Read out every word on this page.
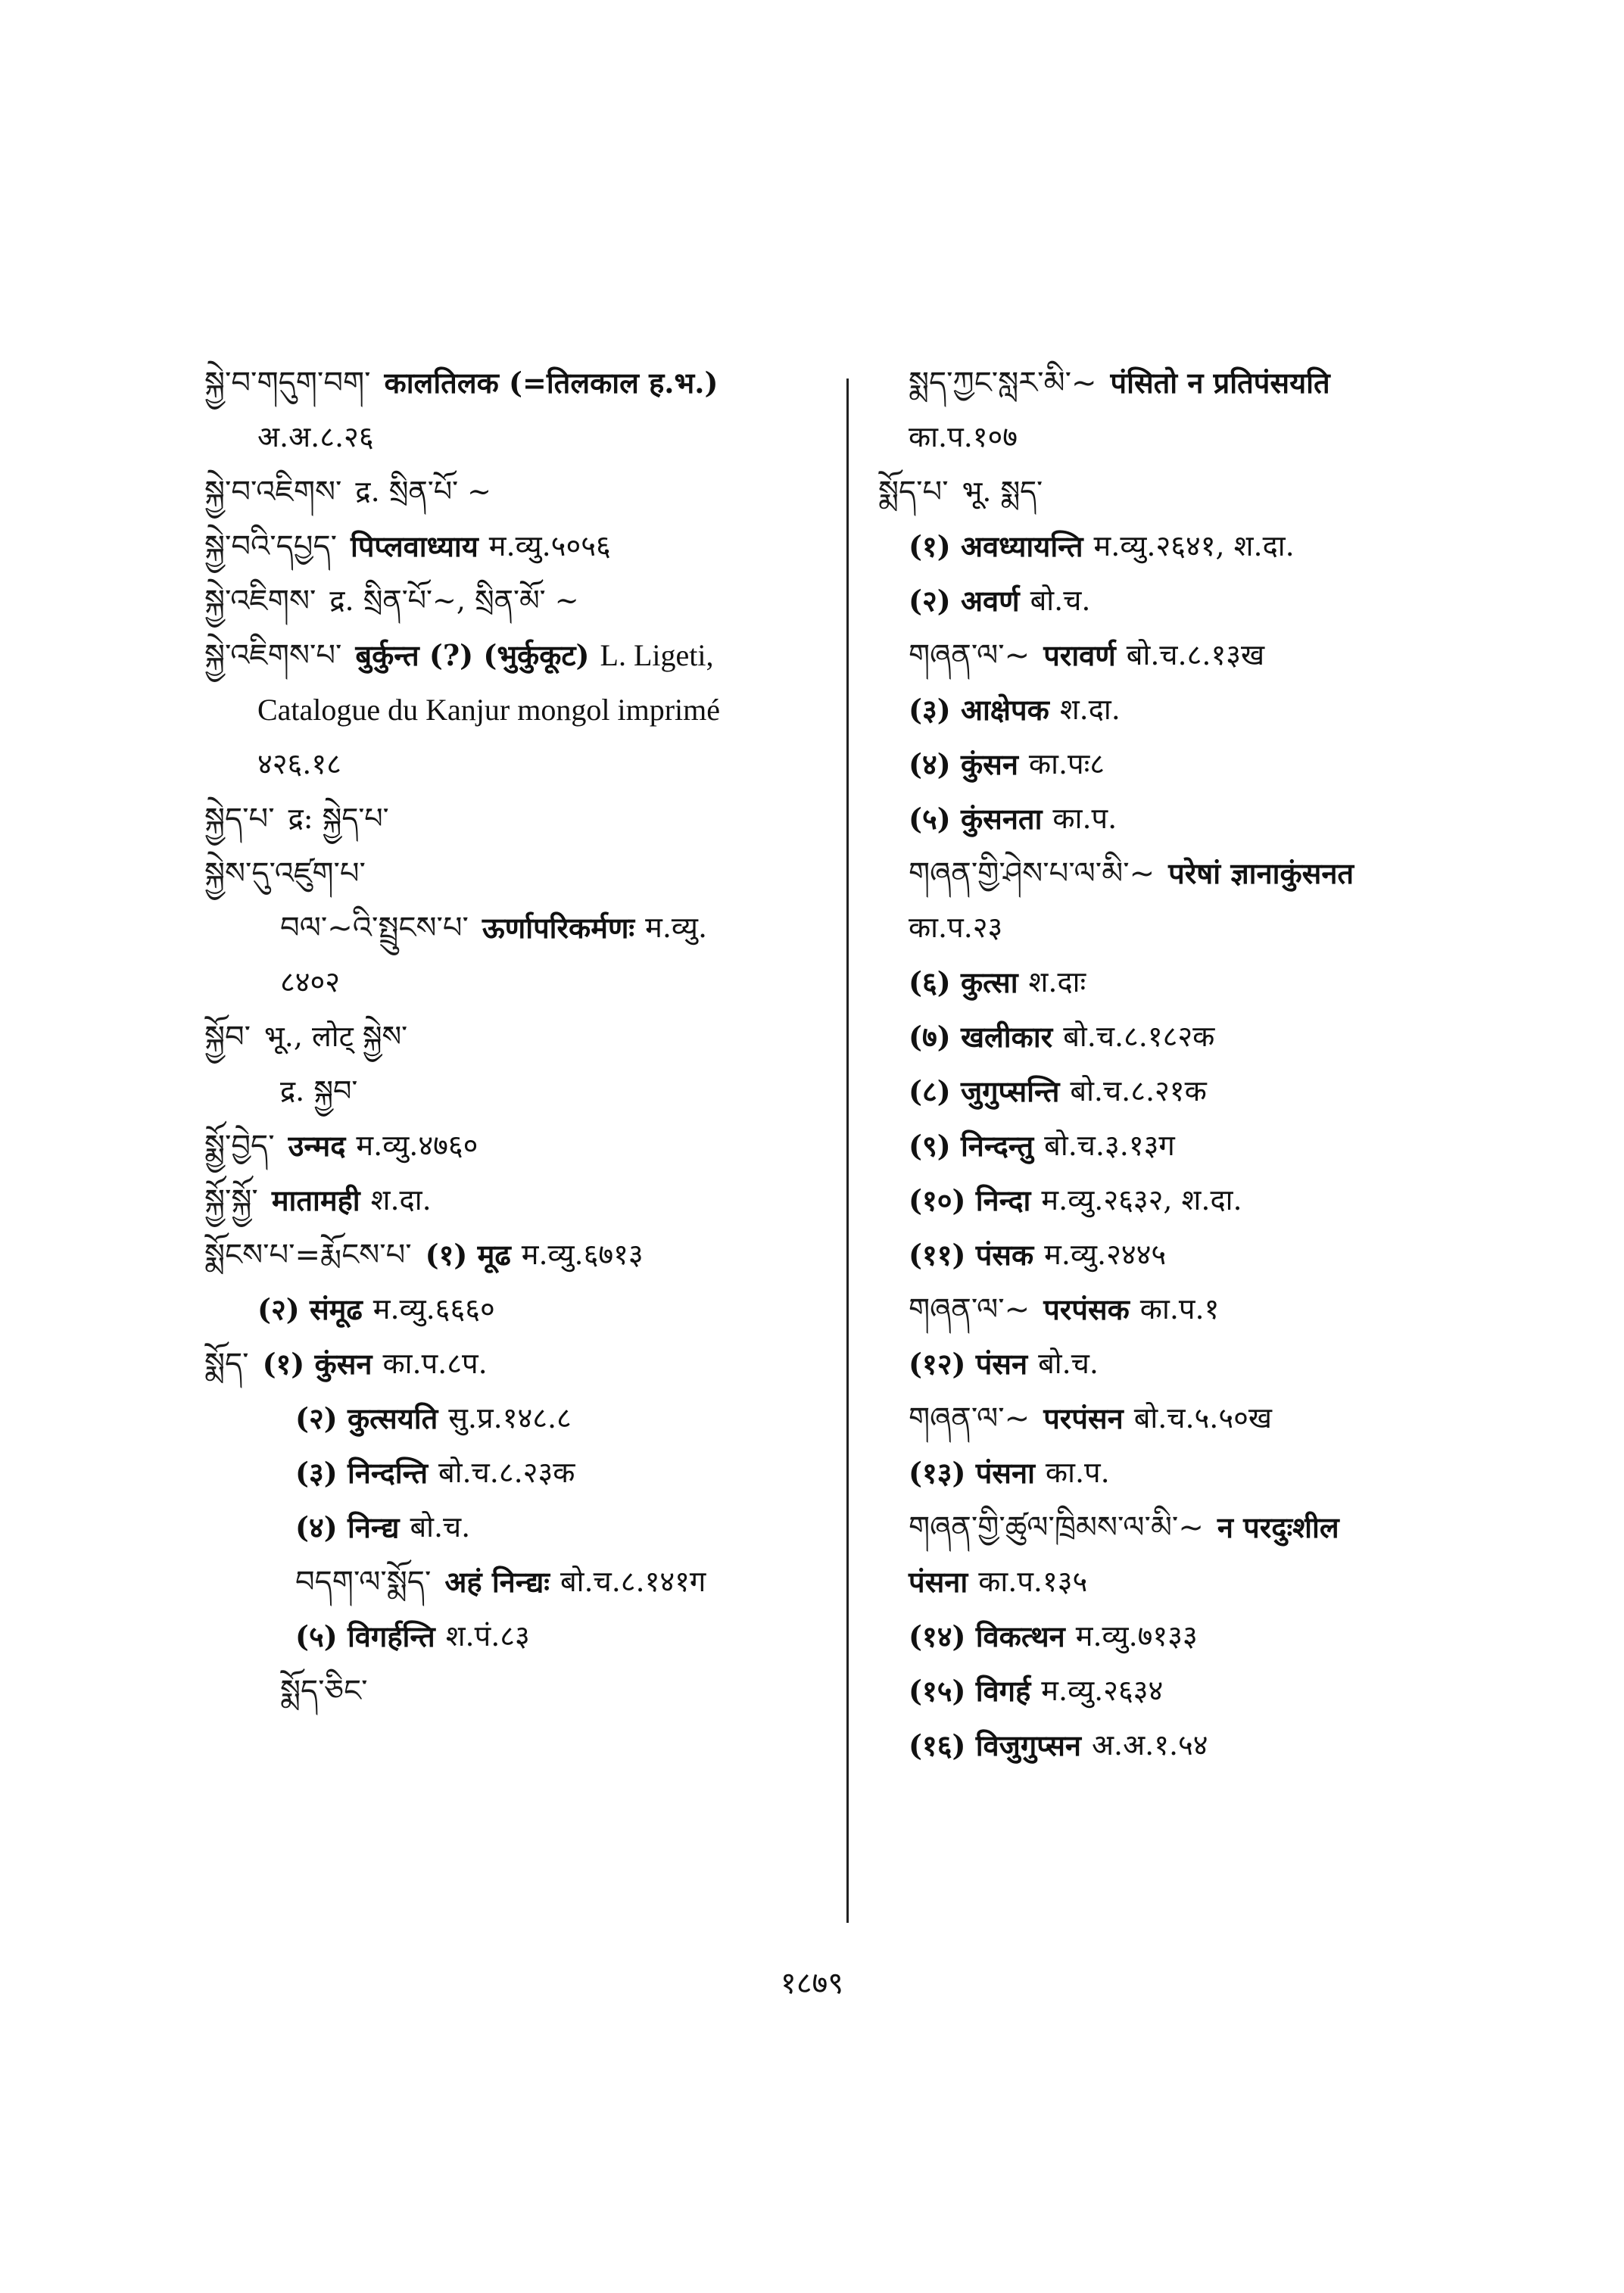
སྐྱེ་བ་གདུག་བག་ कालतिलक (=तिलकाल ह.भ.)
अ.अ.८.२६
སྐྱེ་བ་འཇིགས་ द्र. སྲིན་པོ་ ~
སྐྱེ་བའི་དཔྱད་ पिप्लवाध्याय म.व्यु.५०५६
སྐྱེ་འཇིགས་ द्र. སྲིན་པོ་~, སྲིན་མོ་ ~
སྐྱེ་འཇིགས་པ་ बुर्कुन्त (?) (भुर्कुकूट) L. Ligeti,
Catalogue du Kanjur mongol imprimé
४२६.१८
སྐྱེད་པ་ द्र: སྐྱེད་པ་
སྐྱེས་དུ་འཛུག་པ་
བལ་~འི་སྤྲུངས་པ་ ऊर्णापरिकर्मणः म.व्यु.
८४०२
སྐྱོབ་ भू., लोट् སྐྱེས་
द्र. སྐྱབ་
སྨྱོ་བྱེད་ उन्मद म.व्यु.४७६०
སྐྱོ་སྐྱོ་ मातामही श.दा.
སྨོངས་པ་=རྨོངས་པ་ (१) मूढ म.व्यु.६७१३
(२) संमूढ म.व्यु.६६६०
སྨོད་ (१) कुंसन का.प.८प.
(२) कुत्सयति सु.प्र.१४८.८
(३) निन्दन्ति बो.च.८.२३क
(४) निन्द्य बो.च.
བདག་ལ་སྨོད་ अहं निन्द्यः बो.च.८.१४१ग
(५) विगर्हन्ति श.पं.८३
སྨོད་ཅིང་
སྨད་ཀྱང་སླར་མི་~ पंसितो न प्रतिपंसयति
का.प.१०७
སྨོད་པ་ भू. སྨད་
(१) अवध्यायन्ति म.व्यु.२६४१, श.दा.
(२) अवर्ण बो.च.
གཞན་ལ་~ परावर्ण बो.च.८.१३ख
(३) आक्षेपक श.दा.
(४) कुंसन का.पः८
(५) कुंसनता का.प.
གཞན་གྱི་ཤེས་པ་ལ་མི་~ परेषां ज्ञानाकुंसनत
का.प.२३
(६) कुत्सा श.दाः
(७) खलीकार बो.च.८.१८२क
(८) जुगुप्सन्ति बो.च.८.२१क
(९) निन्दन्तु बो.च.३.१३ग
(१०) निन्दा म.व्यु.२६३२, श.दा.
(११) पंसक म.व्यु.२४४५
གཞན་ལ་~ परपंसक का.प.१
(१२) पंसन बो.च.
གཞན་ལ་~ परपंसन बो.च.५.५०ख
(१३) पंसना का.प.
གཞན་གྱི་ཚུལ་ཁྲིམས་ལ་མི་~ न परदुःशील
पंसना का.प.१३५
(१४) विकत्थन म.व्यु.७१३३
(१५) विगर्ह म.व्यु.२६३४
(१६) विजुगुप्सन अ.अ.१.५४
१८७९
